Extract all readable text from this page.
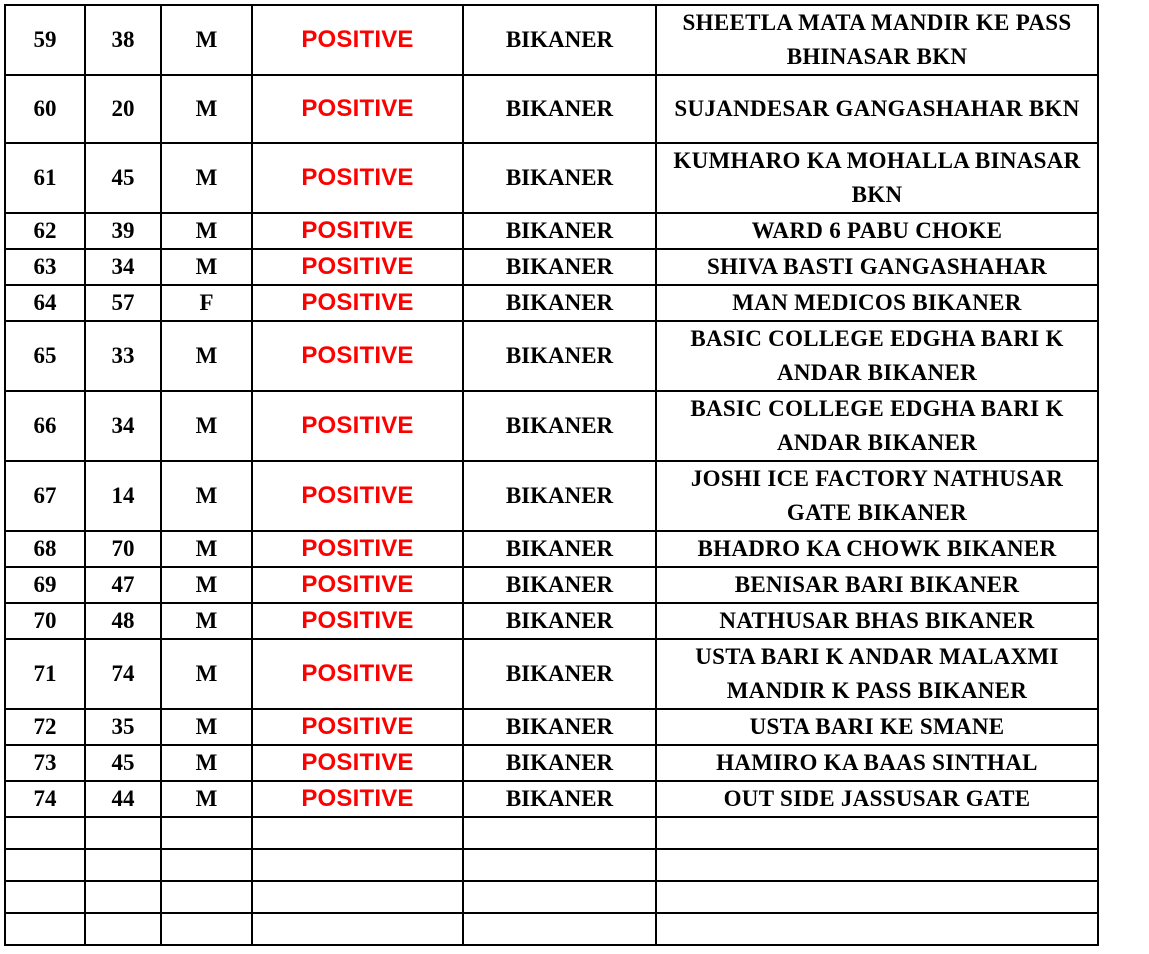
59	38	M	POSITIVE	BIKANER	SHEETLA MATA MANDIR KE PASS BHINASAR BKN
60	20	M	POSITIVE	BIKANER	SUJANDESAR GANGASHAHAR BKN
61	45	M	POSITIVE	BIKANER	KUMHARO KA MOHALLA BINASAR BKN
62	39	M	POSITIVE	BIKANER	WARD 6 PABU CHOKE
63	34	M	POSITIVE	BIKANER	SHIVA BASTI GANGASHAHAR
64	57	F	POSITIVE	BIKANER	MAN MEDICOS BIKANER
65	33	M	POSITIVE	BIKANER	BASIC COLLEGE EDGHA BARI K ANDAR BIKANER
66	34	M	POSITIVE	BIKANER	BASIC COLLEGE EDGHA BARI K ANDAR BIKANER
67	14	M	POSITIVE	BIKANER	JOSHI ICE FACTORY NATHUSAR GATE BIKANER
68	70	M	POSITIVE	BIKANER	BHADRO KA CHOWK BIKANER
69	47	M	POSITIVE	BIKANER	BENISAR BARI BIKANER
70	48	M	POSITIVE	BIKANER	NATHUSAR BHAS BIKANER
71	74	M	POSITIVE	BIKANER	USTA BARI K ANDAR MALAXMI MANDIR K PASS BIKANER
72	35	M	POSITIVE	BIKANER	USTA BARI KE SMANE
73	45	M	POSITIVE	BIKANER	HAMIRO KA BAAS SINTHAL
74	44	M	POSITIVE	BIKANER	OUT SIDE JASSUSAR GATE
